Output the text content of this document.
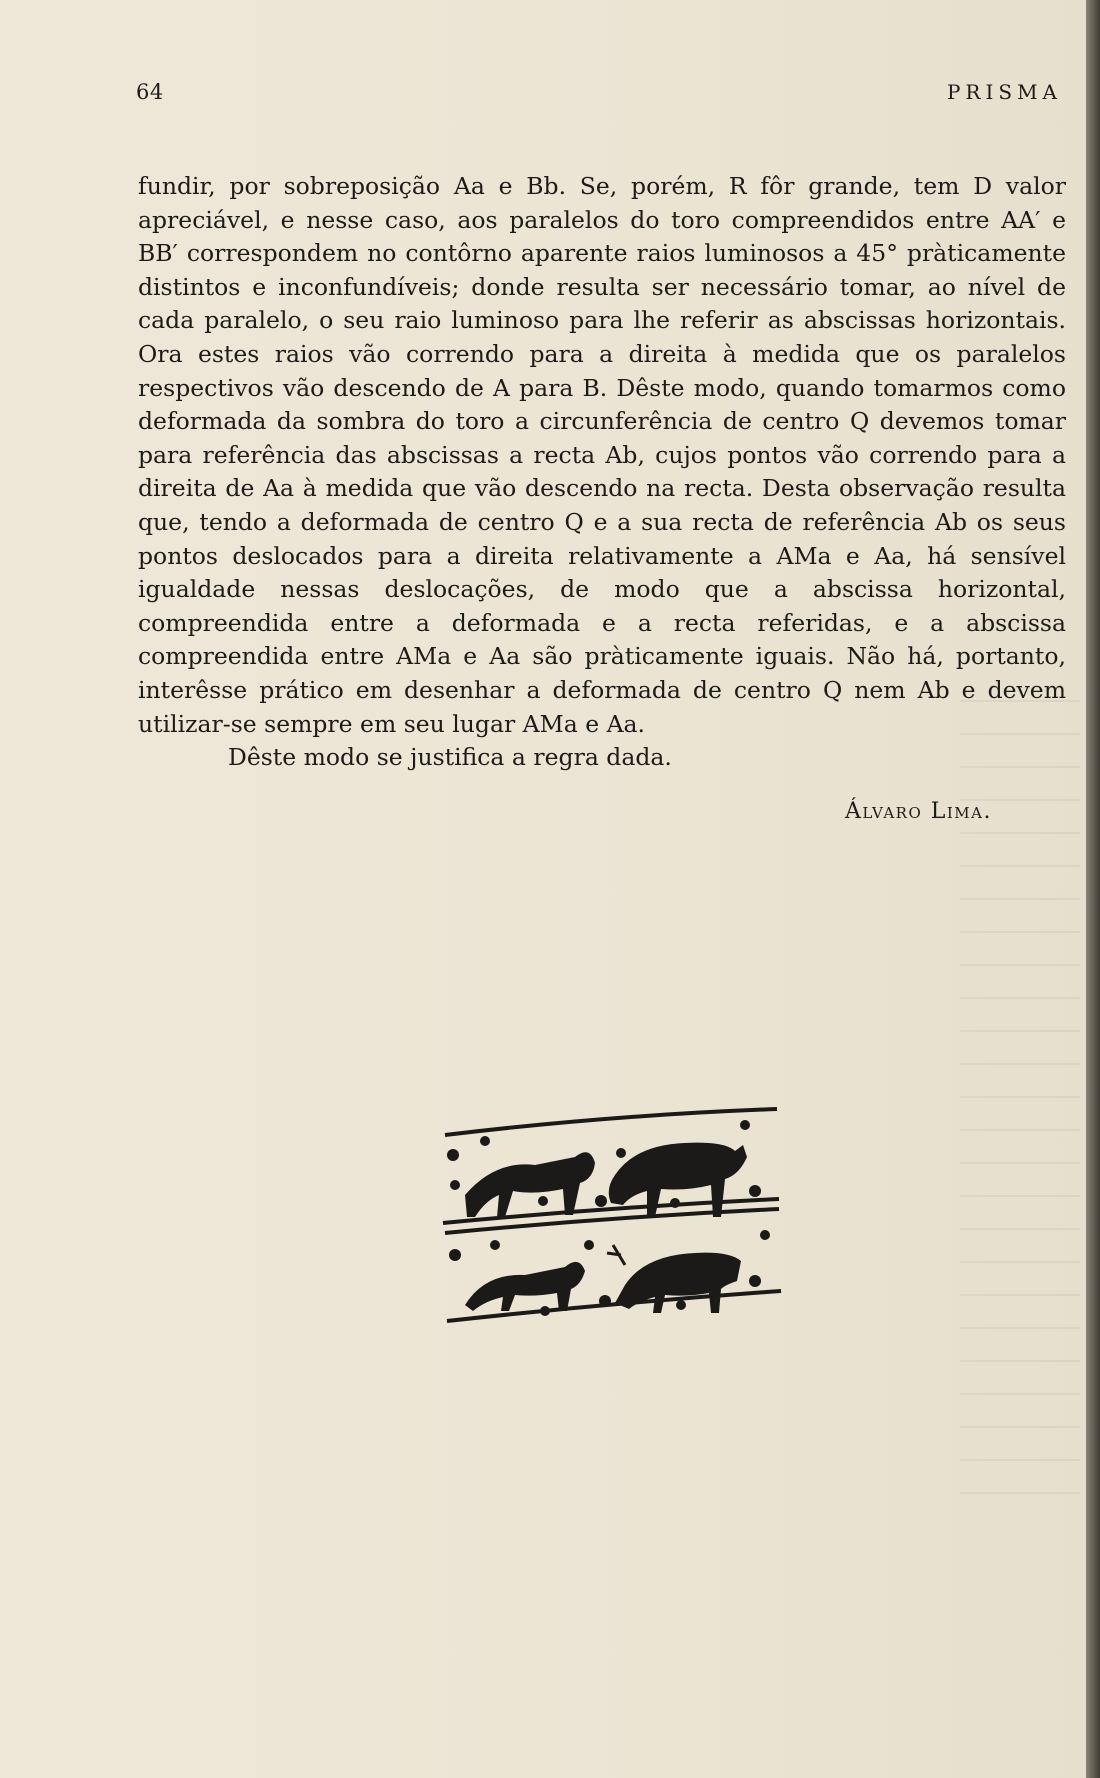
64	PRISMA

fundir, por sobreposição Aa e Bb. Se, porém, R fôr grande, tem D valor apreciável, e nesse caso, aos paralelos do toro compreendidos entre AA′ e BB′ correspondem no contôrno aparente raios luminosos a 45° pràticamente distintos e inconfundíveis; donde resulta ser necessário tomar, ao nível de cada paralelo, o seu raio luminoso para lhe referir as abscissas horizontais. Ora estes raios vão correndo para a direita à medida que os paralelos respectivos vão descendo de A para B. Dêste modo, quando tomarmos como deformada da sombra do toro a circunferência de centro Q devemos tomar para referência das abscissas a recta Ab, cujos pontos vão correndo para a direita de Aa à medida que vão descendo na recta. Desta observação resulta que, tendo a deformada de centro Q e a sua recta de referência Ab os seus pontos deslocados para a direita relativamente a AMa e Aa, há sensível igualdade nessas deslocações, de modo que a abscissa horizontal, compreendida entre a deformada e a recta referidas, e a abscissa compreendida entre AMa e Aa são pràticamente iguais. Não há, portanto, interêsse prático em desenhar a deformada de centro Q nem Ab e devem utilizar-se sempre em seu lugar AMa e Aa.

Dêste modo se justifica a regra dada.

Álvaro Lima.
